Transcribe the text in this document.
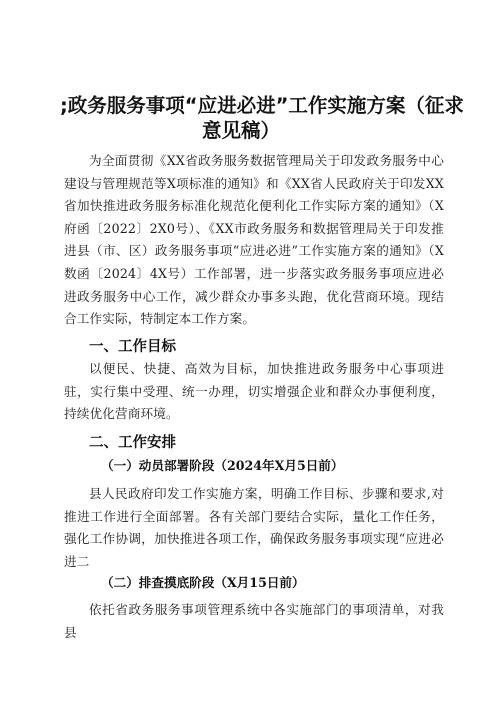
;政务服务事项“应进必进”工作实施方案（征求
意见稿）

为全面贯彻《XX省政务服务数据管理局关于印发政务服务中心建设与管理规范等X项标准的通知》和《XX省人民政府关于印发XX省加快推进政务服务标准化规范化便利化工作实际方案的通知》（X府函〔2022〕2X0号）、《XX市政务服务和数据管理局关于印发推进县（市、区）政务服务事项“应进必进”工作实施方案的通知》（X数函〔2024〕4X号）工作部署，进一步落实政务服务事项应进必进政务服务中心工作，减少群众办事多头跑，优化营商环境。现结合工作实际，特制定本工作方案。

一、工作目标

以便民、快捷、高效为目标，加快推进政务服务中心事项进驻，实行集中受理、统一办理，切实增强企业和群众办事便利度，持续优化营商环境。

二、工作安排
（一）动员部署阶段（2024年X月5日前）

县人民政府印发工作实施方案，明确工作目标、步骤和要求,对推进工作进行全面部署。各有关部门要结合实际，量化工作任务，强化工作协调，加快推进各项工作，确保政务服务事项实现“应进必进二

（二）排查摸底阶段（X月15日前）

依托省政务服务事项管理系统中各实施部门的事项清单，对我县
